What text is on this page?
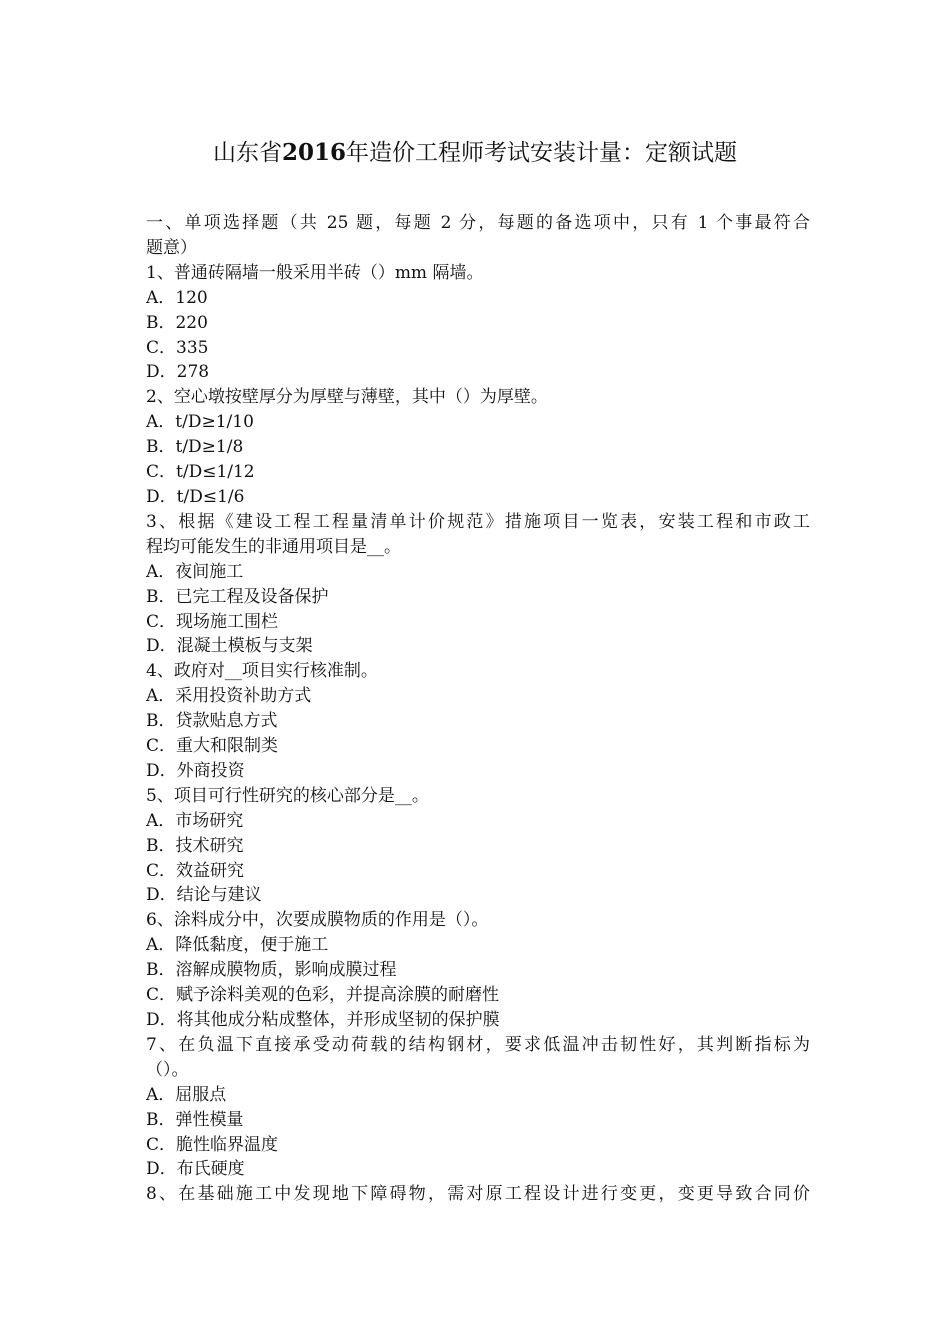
山东省2016年造价工程师考试安装计量：定额试题
一、单项选择题（共 25 题，每题 2 分，每题的备选项中，只有 1 个事最符合
题意）
1、普通砖隔墙一般采用半砖（）mm 隔墙。
A．120
B．220
C．335
D．278
2、空心墩按壁厚分为厚壁与薄壁，其中（）为厚壁。
A．t/D≥1/10
B．t/D≥1/8
C．t/D≤1/12
D．t/D≤1/6
3、根据《建设工程工程量清单计价规范》措施项目一览表，安装工程和市政工
程均可能发生的非通用项目是__。
A．夜间施工
B．已完工程及设备保护
C．现场施工围栏
D．混凝土模板与支架
4、政府对__项目实行核准制。
A．采用投资补助方式
B．贷款贴息方式
C．重大和限制类
D．外商投资
5、项目可行性研究的核心部分是__。
A．市场研究
B．技术研究
C．效益研究
D．结论与建议
6、涂料成分中，次要成膜物质的作用是（）。
A．降低黏度，便于施工
B．溶解成膜物质，影响成膜过程
C．赋予涂料美观的色彩，并提高涂膜的耐磨性
D．将其他成分粘成整体，并形成坚韧的保护膜
7、在负温下直接承受动荷载的结构钢材，要求低温冲击韧性好，其判断指标为
（）。
A．屈服点
B．弹性模量
C．脆性临界温度
D．布氏硬度
8、在基础施工中发现地下障碍物，需对原工程设计进行变更，变更导致合同价
